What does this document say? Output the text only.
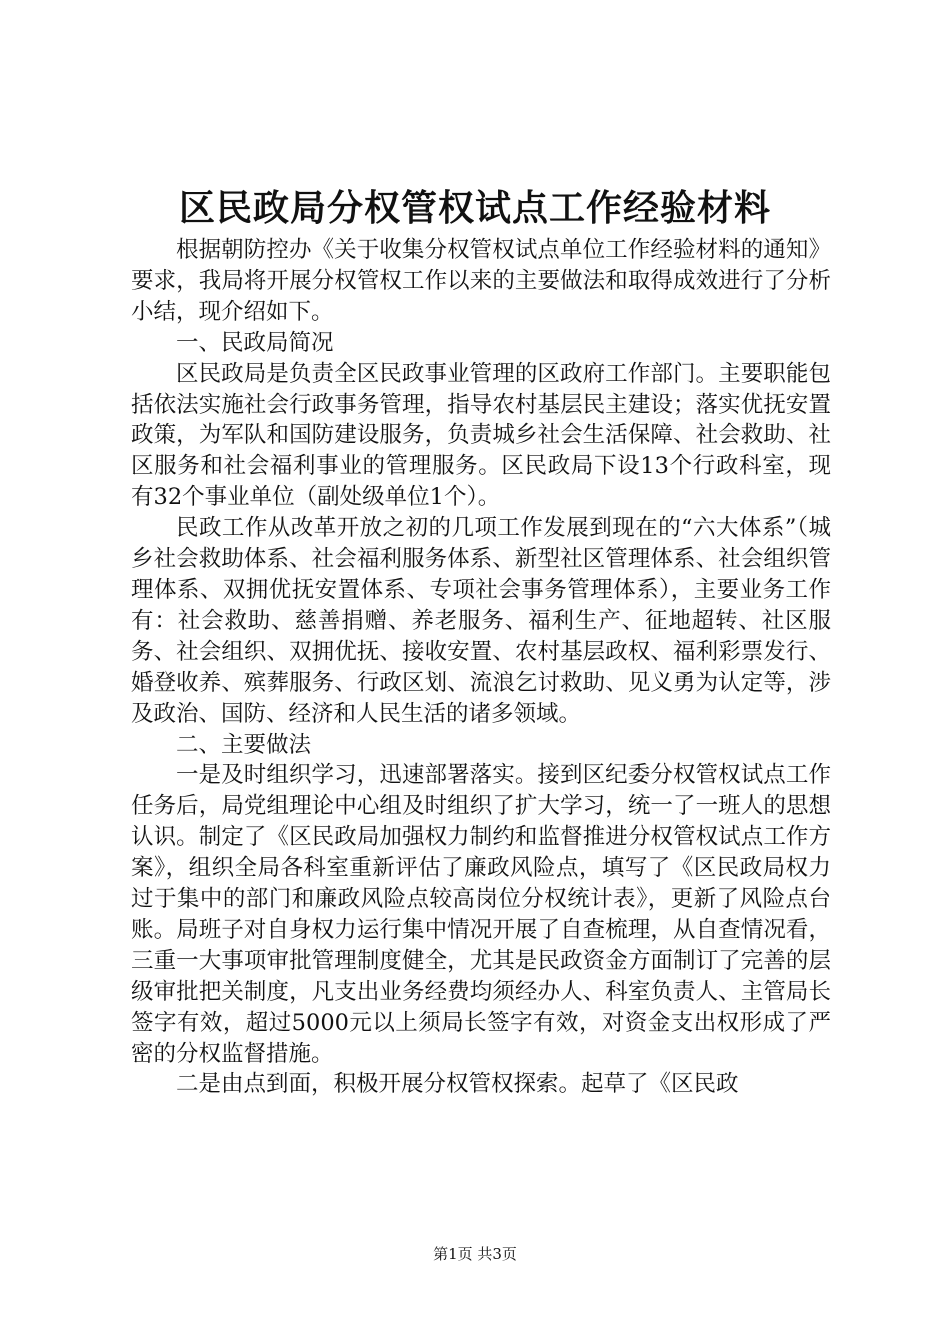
区民政局分权管权试点工作经验材料

根据朝防控办《关于收集分权管权试点单位工作经验材料的通知》要求，我局将开展分权管权工作以来的主要做法和取得成效进行了分析小结，现介绍如下。

一、民政局简况

区民政局是负责全区民政事业管理的区政府工作部门。主要职能包括依法实施社会行政事务管理，指导农村基层民主建设；落实优抚安置政策，为军队和国防建设服务，负责城乡社会生活保障、社会救助、社区服务和社会福利事业的管理服务。区民政局下设13个行政科室，现有32个事业单位（副处级单位1个）。

民政工作从改革开放之初的几项工作发展到现在的“六大体系”（城乡社会救助体系、社会福利服务体系、新型社区管理体系、社会组织管理体系、双拥优抚安置体系、专项社会事务管理体系），主要业务工作有：社会救助、慈善捐赠、养老服务、福利生产、征地超转、社区服务、社会组织、双拥优抚、接收安置、农村基层政权、福利彩票发行、婚登收养、殡葬服务、行政区划、流浪乞讨救助、见义勇为认定等，涉及政治、国防、经济和人民生活的诸多领域。

二、主要做法

一是及时组织学习，迅速部署落实。接到区纪委分权管权试点工作任务后，局党组理论中心组及时组织了扩大学习，统一了一班人的思想认识。制定了《区民政局加强权力制约和监督推进分权管权试点工作方案》，组织全局各科室重新评估了廉政风险点，填写了《区民政局权力过于集中的部门和廉政风险点较高岗位分权统计表》，更新了风险点台账。局班子对自身权力运行集中情况开展了自查梳理，从自查情况看，三重一大事项审批管理制度健全，尤其是民政资金方面制订了完善的层级审批把关制度，凡支出业务经费均须经办人、科室负责人、主管局长签字有效，超过5000元以上须局长签字有效，对资金支出权形成了严密的分权监督措施。

二是由点到面，积极开展分权管权探索。起草了《区民政

第1页 共3页
